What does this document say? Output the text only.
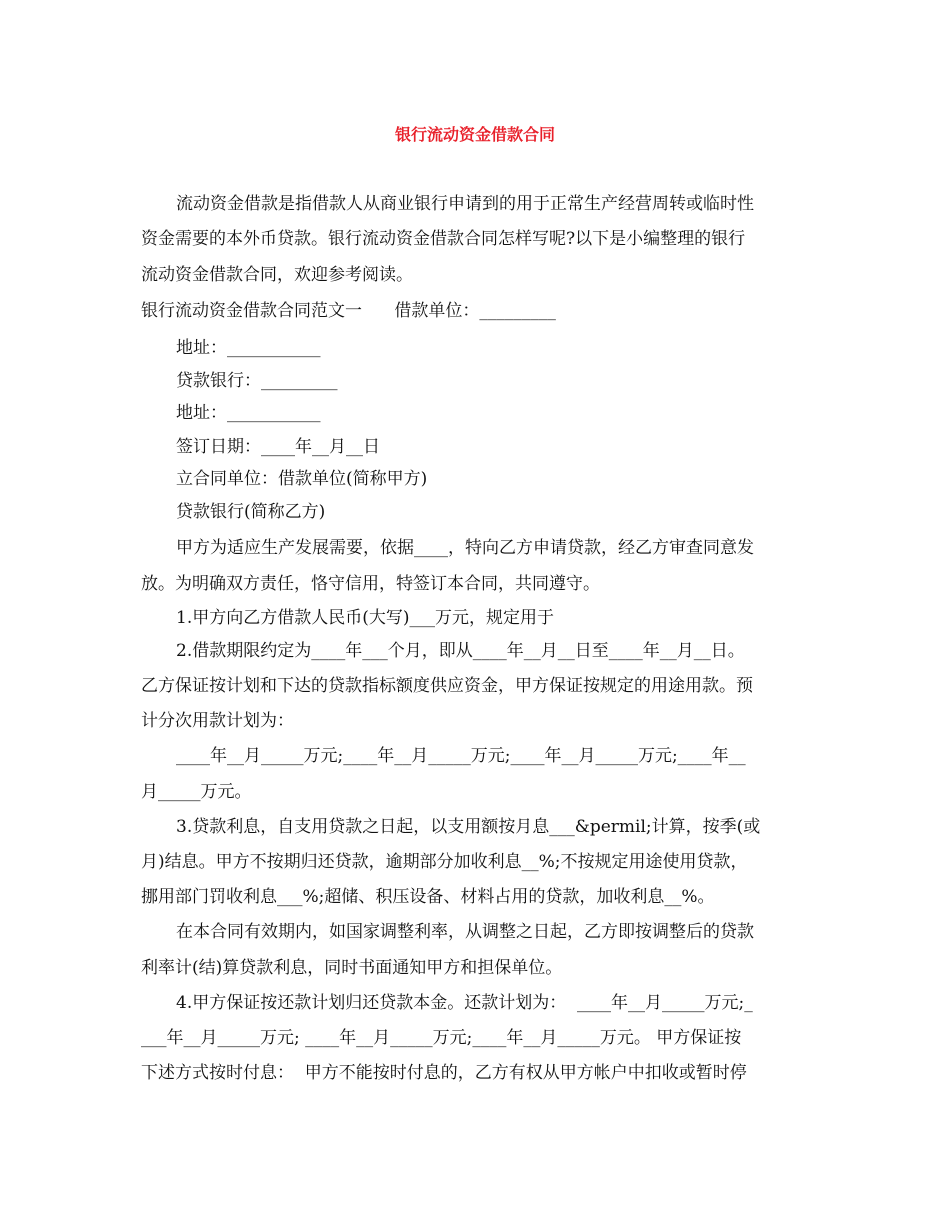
银行流动资金借款合同
流动资金借款是指借款人从商业银行申请到的用于正常生产经营周转或临时性
资金需要的本外币贷款。银行流动资金借款合同怎样写呢?以下是小编整理的银行
流动资金借款合同，欢迎参考阅读。
银行流动资金借款合同范文一      借款单位：_________
地址：___________
贷款银行：_________
地址：___________
签订日期：____年__月__日
立合同单位：借款单位(简称甲方)
贷款银行(简称乙方)
甲方为适应生产发展需要，依据____，特向乙方申请贷款，经乙方审查同意发
放。为明确双方责任，恪守信用，特签订本合同，共同遵守。
1.甲方向乙方借款人民币(大写)___万元，规定用于
2.借款期限约定为____年___个月，即从____年__月__日至____年__月__日。
乙方保证按计划和下达的贷款指标额度供应资金，甲方保证按规定的用途用款。预
计分次用款计划为：
____年__月_____万元;____年__月_____万元;____年__月_____万元;____年__
月_____万元。
3.贷款利息，自支用贷款之日起，以支用额按月息___&permil;计算，按季(或
月)结息。甲方不按期归还贷款，逾期部分加收利息__%;不按规定用途使用贷款，
挪用部门罚收利息___%;超储、积压设备、材料占用的贷款，加收利息__%。
在本合同有效期内，如国家调整利率，从调整之日起，乙方即按调整后的贷款
利率计(结)算贷款利息，同时书面通知甲方和担保单位。
4.甲方保证按还款计划归还贷款本金。还款计划为：  ____年__月_____万元;_
___年__月_____万元; ____年__月_____万元;____年__月_____万元。 甲方保证按
下述方式按时付息：  甲方不能按时付息的，乙方有权从甲方帐户中扣收或暂时停
